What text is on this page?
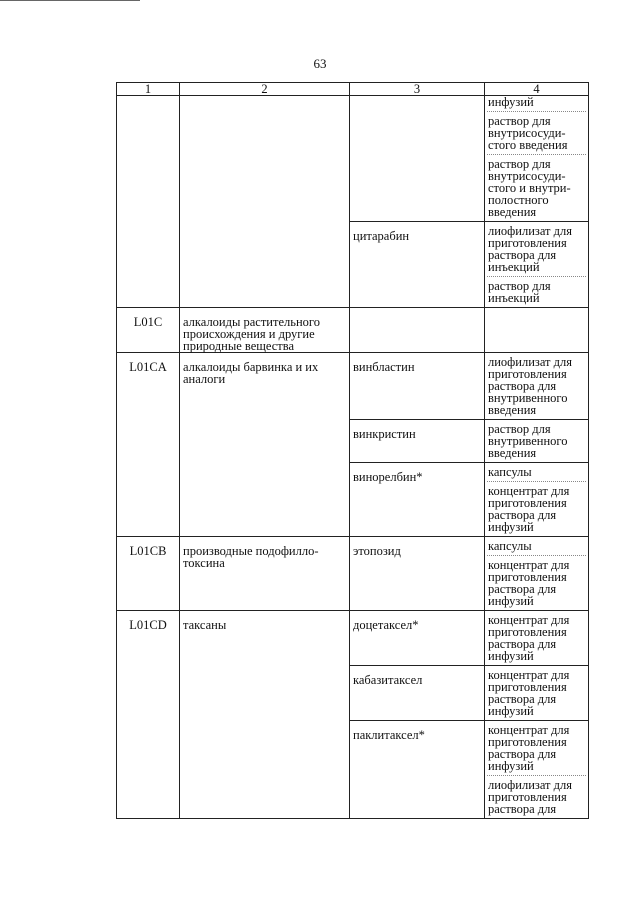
63
1	2	3	4

			инфузий

раствор для внутрисосуди-стого введения

раствор для внутрисосуди-стого и внутри-полостного введения

		цитарабин	лиофилизат для приготовления раствора для инъекций

раствор для инъекций

L01C	алкалоиды растительного происхождения и другие природные вещества		
L01CA	алкалоиды барвинка и их аналоги	винбластин	лиофилизат для приготовления раствора для внутривенного введения

		винкристин	раствор для внутривенного введения

		винорелбин*	капсулы

концентрат для приготовления раствора для инфузий

L01CB	производные подофилло-токсина	этопозид	капсулы

концентрат для приготовления раствора для инфузий

L01CD	таксаны	доцетаксел*	концентрат для приготовления раствора для инфузий

		кабазитаксел	концентрат для приготовления раствора для инфузий

		паклитаксел*	концентрат для приготовления раствора для инфузий

лиофилизат для приготовления раствора для
